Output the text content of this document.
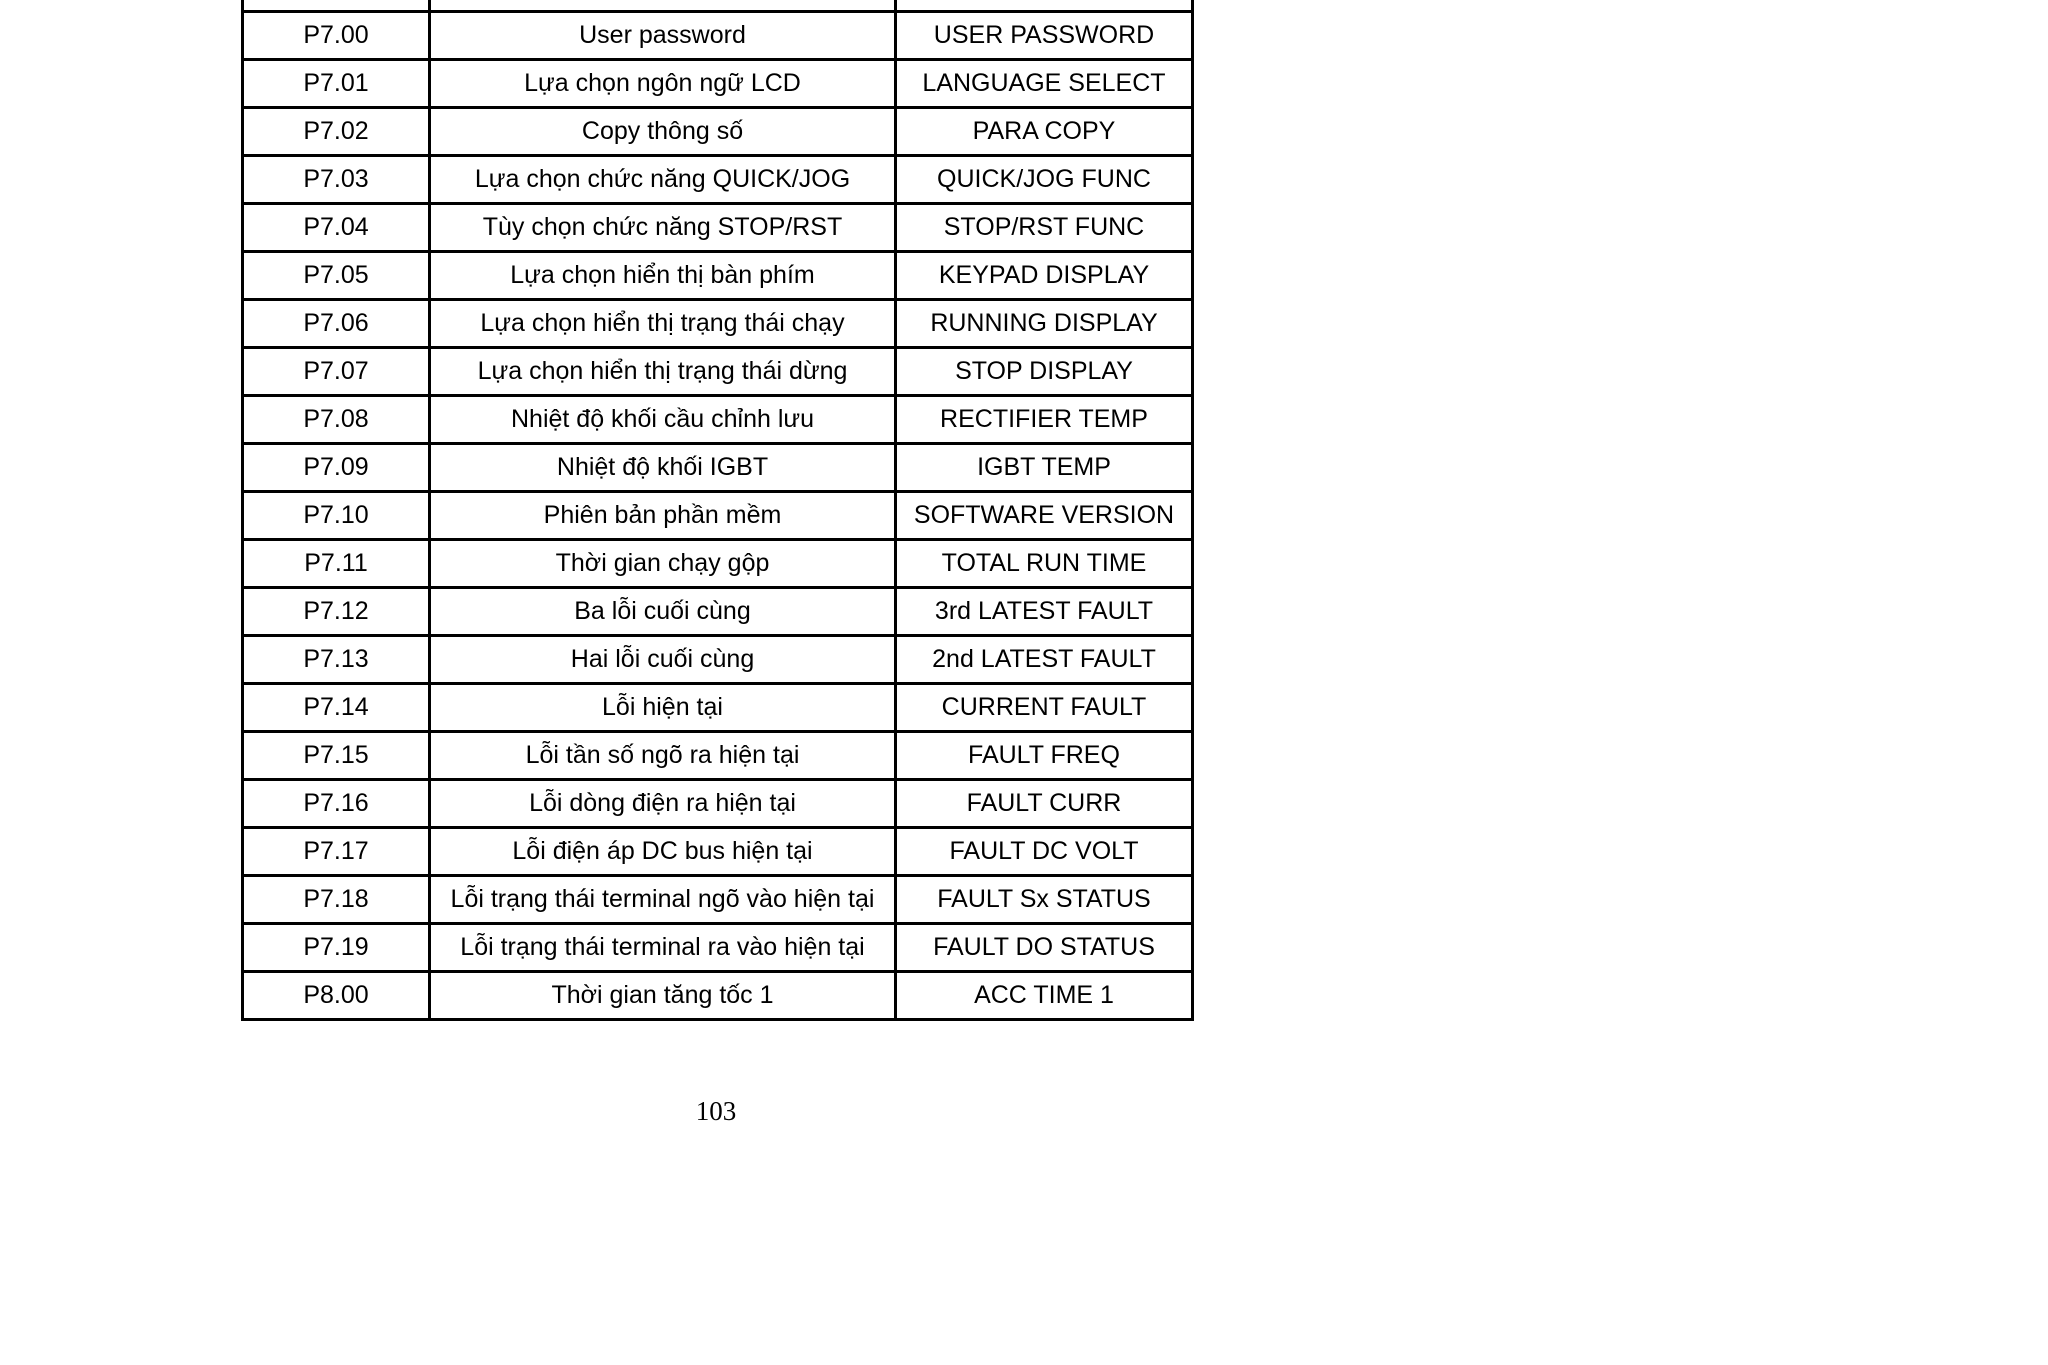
P7.00	User password	USER PASSWORD
P7.01	Lựa chọn ngôn ngữ LCD	LANGUAGE SELECT
P7.02	Copy thông số	PARA COPY
P7.03	Lựa chọn chức năng QUICK/JOG	QUICK/JOG FUNC
P7.04	Tùy chọn chức năng STOP/RST	STOP/RST FUNC
P7.05	Lựa chọn hiển thị bàn phím	KEYPAD DISPLAY
P7.06	Lựa chọn hiển thị trạng thái chạy	RUNNING DISPLAY
P7.07	Lựa chọn hiển thị trạng thái dừng	STOP DISPLAY
P7.08	Nhiệt độ khối cầu chỉnh lưu	RECTIFIER TEMP
P7.09	Nhiệt độ khối IGBT	IGBT TEMP
P7.10	Phiên bản phần mềm	SOFTWARE VERSION
P7.11	Thời gian chạy gộp	TOTAL RUN TIME
P7.12	Ba lỗi cuối cùng	3rd LATEST FAULT
P7.13	Hai lỗi cuối cùng	2nd LATEST FAULT
P7.14	Lỗi hiện tại	CURRENT FAULT
P7.15	Lỗi tần số ngõ ra hiện tại	FAULT FREQ
P7.16	Lỗi dòng điện ra hiện tại	FAULT CURR
P7.17	Lỗi điện áp DC bus hiện tại	FAULT DC VOLT
P7.18	Lỗi trạng thái terminal ngõ vào hiện tại	FAULT Sx STATUS
P7.19	Lỗi trạng thái terminal ra vào hiện tại	FAULT DO STATUS
P8.00	Thời gian tăng tốc 1	ACC TIME 1
103
